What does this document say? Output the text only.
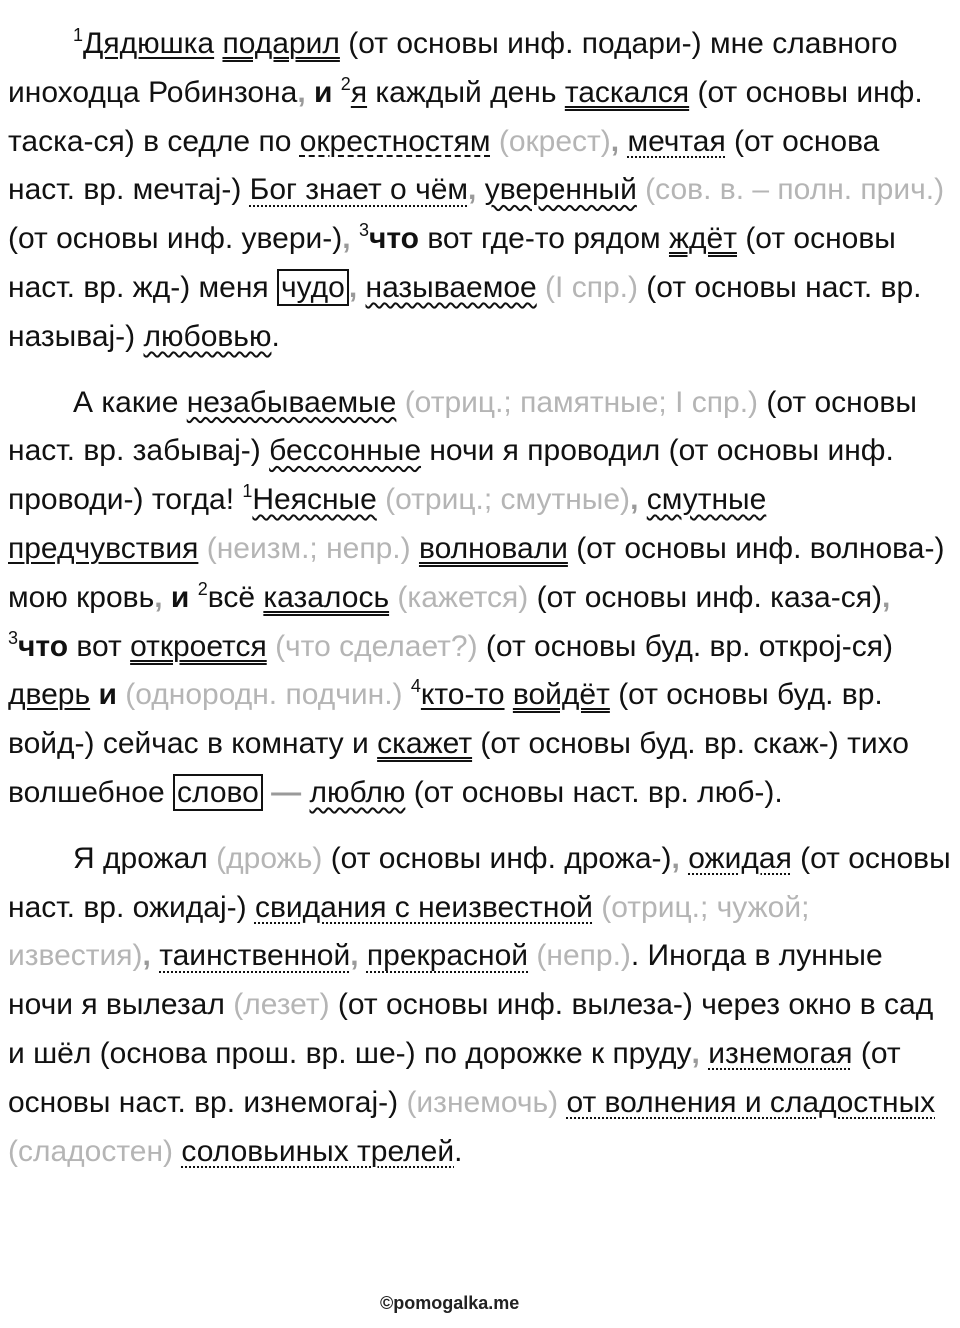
$^1$Дядюшка подарил (от основы инф. подари-) мне славного иноходца Робинзона, и $^2$я каждый день таскался (от основы инф. таска-ся) в седле по окрестностям (окрест), мечтая (от основа наст. вр. мечтај-) Бог знает о чём, уверенный (сов. в. – полн. прич.) (от основы инф. увери-), $^3$что вот где-то рядом ждёт (от основы наст. вр. жд-) меня чудо , называемое (I спр.) (от основы наст. вр. называј-) любовью.

А какие незабываемые (отриц.; памятные; I спр.) (от основы наст. вр. забываj-) бессонные ночи я проводил (от основы инф. проводи-) тогда! $^1$Неясные (отриц.; смутные), смутные предчувствия (неизм.; непр.) волновали (от основы инф. волнова-) мою кровь, и $^2$всё казалось (кажется) (от основы инф. каза-ся), $^3$что вот откроется (что сделает?) (от основы буд. вр. откроj-ся) дверь и (однородн. подчин.) $^4$кто-то войдёт (от основы буд. вр. войд-) сейчас в комнату и скажет (от основы буд. вр. скаж-) тихо волшебное слово — люблю (от основы наст. вр. люб-).

Я дрожал (дрожь) (от основы инф. дрожа-), ожидая (от основы наст. вр. ожидаj-) свидания с неизвестной (отриц.; чужой; известия), таинственной, прекрасной (непр.). Иногда в лунные ночи я вылезал (лезет) (от основы инф. вылеза-) через окно в сад и шёл (основа прош. вр. ше-) по дорожке к пруду, изнемогая (от основы наст. вр. изнемогаj-) (изнемочь) от волнения и сладостных (сладостен) соловьиных трелей.

©pomogalka.me
